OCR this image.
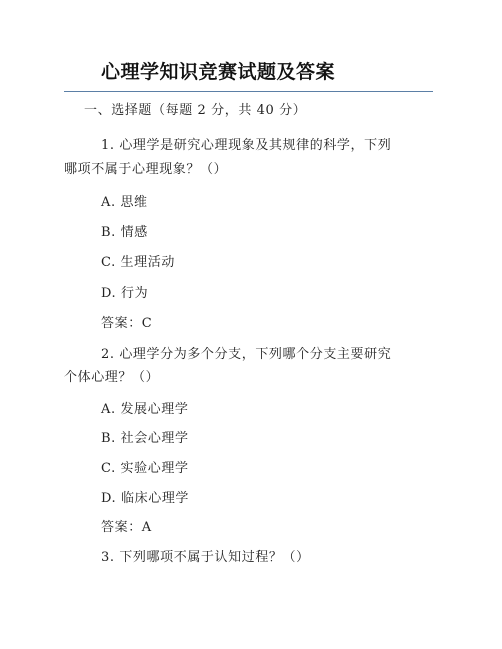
心理学知识竞赛试题及答案
一、选择题（每题 2 分，共 40 分）
1. 心理学是研究心理现象及其规律的科学，下列
哪项不属于心理现象？（）
A. 思维
B. 情感
C. 生理活动
D. 行为
答案：C
2. 心理学分为多个分支，下列哪个分支主要研究
个体心理？（）
A. 发展心理学
B. 社会心理学
C. 实验心理学
D. 临床心理学
答案：A
3. 下列哪项不属于认知过程？（）
